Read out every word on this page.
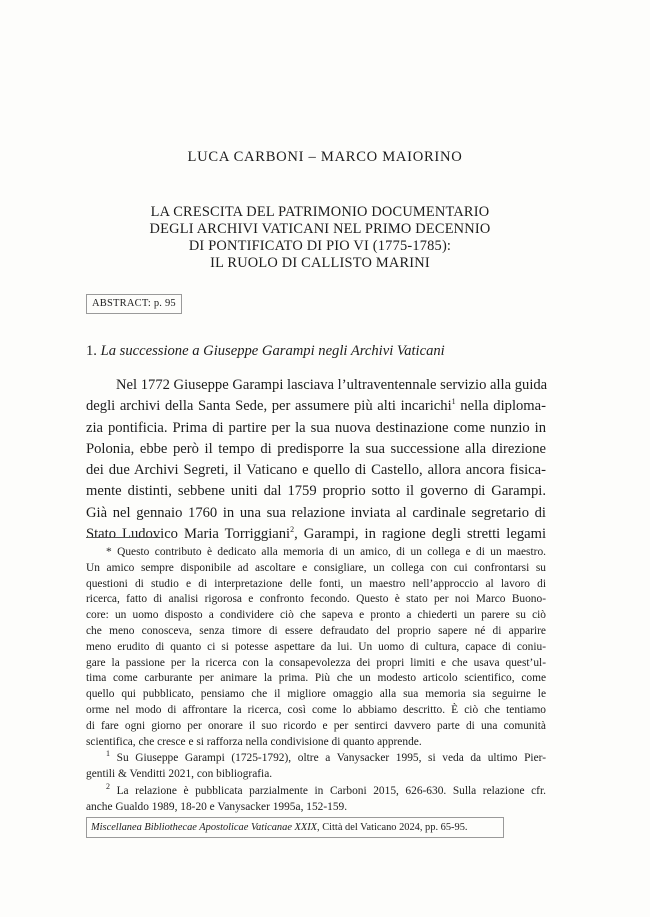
LUCA CARBONI – MARCO MAIORINO
LA CRESCITA DEL PATRIMONIO DOCUMENTARIO
DEGLI ARCHIVI VATICANI NEL PRIMO DECENNIO
DI PONTIFICATO DI PIO VI (1775-1785):
IL RUOLO DI CALLISTO MARINI
ABSTRACT: p. 95
1. La successione a Giuseppe Garampi negli Archivi Vaticani
Nel 1772 Giuseppe Garampi lasciava l’ultraventennale servizio alla guida
degli archivi della Santa Sede, per assumere più alti incarichi$^1$ nella diploma-
zia pontificia. Prima di partire per la sua nuova destinazione come nunzio in
Polonia, ebbe però il tempo di predisporre la sua successione alla direzione
dei due Archivi Segreti, il Vaticano e quello di Castello, allora ancora fisica-
mente distinti, sebbene uniti dal 1759 proprio sotto il governo di Garampi.
Già nel gennaio 1760 in una sua relazione inviata al cardinale segretario di
Stato Ludovico Maria Torriggiani$^2$, Garampi, in ragione degli stretti legami
* Questo contributo è dedicato alla memoria di un amico, di un collega e di un maestro.
Un amico sempre disponibile ad ascoltare e consigliare, un collega con cui confrontarsi su
questioni di studio e di interpretazione delle fonti, un maestro nell’approccio al lavoro di
ricerca, fatto di analisi rigorosa e confronto fecondo. Questo è stato per noi Marco Buono-
core: un uomo disposto a condividere ciò che sapeva e pronto a chiederti un parere su ciò
che meno conosceva, senza timore di essere defraudato del proprio sapere né di apparire
meno erudito di quanto ci si potesse aspettare da lui. Un uomo di cultura, capace di coniu-
gare la passione per la ricerca con la consapevolezza dei propri limiti e che usava quest’ul-
tima come carburante per animare la prima. Più che un modesto articolo scientifico, come
quello qui pubblicato, pensiamo che il migliore omaggio alla sua memoria sia seguirne le
orme nel modo di affrontare la ricerca, così come lo abbiamo descritto. È ciò che tentiamo
di fare ogni giorno per onorare il suo ricordo e per sentirci davvero parte di una comunità
scientifica, che cresce e si rafforza nella condivisione di quanto apprende.
$^1$ Su Giuseppe Garampi (1725-1792), oltre a Vanysacker 1995, si veda da ultimo Pier-
gentili & Venditti 2021, con bibliografia.
$^2$ La relazione è pubblicata parzialmente in Carboni 2015, 626-630. Sulla relazione cfr.
anche Gualdo 1989, 18-20 e Vanysacker 1995a, 152-159.
Miscellanea Bibliothecae Apostolicae Vaticanae XXIX, Città del Vaticano 2024, pp. 65-95.
